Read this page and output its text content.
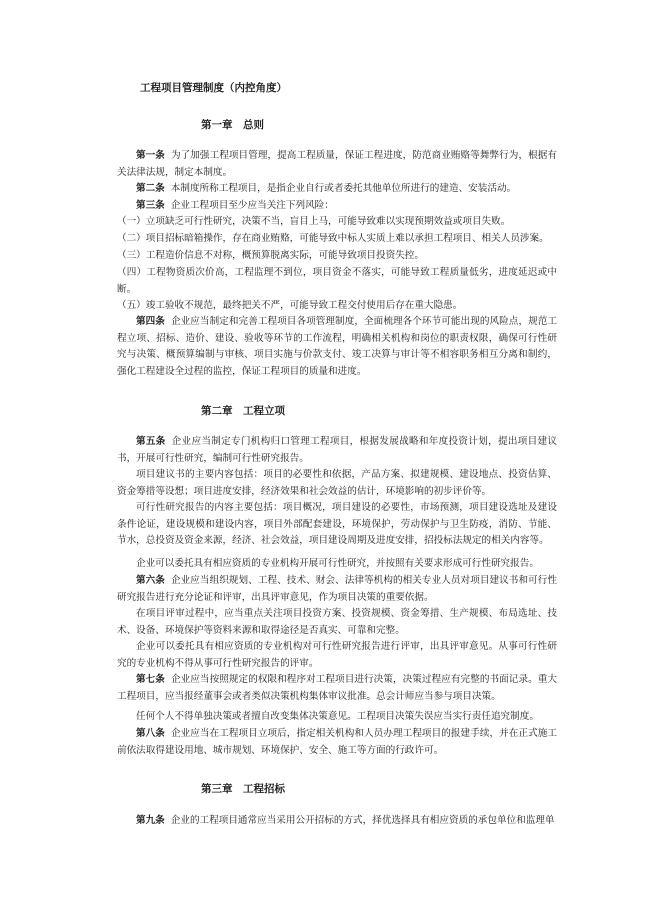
工程项目管理制度（内控角度）
第一章　总则
第一条 为了加强工程项目管理，提高工程质量，保证工程进度，防范商业贿赂等舞弊行为，根据有关法律法规，制定本制度。
第二条 本制度所称工程项目，是指企业自行或者委托其他单位所进行的建造、安装活动。
第三条 企业工程项目至少应当关注下列风险：
（一）立项缺乏可行性研究，决策不当，盲目上马，可能导致难以实现预期效益或项目失败。
（二）项目招标暗箱操作，存在商业贿赂，可能导致中标人实质上难以承担工程项目、相关人员涉案。
（三）工程造价信息不对称，概预算脱离实际，可能导致项目投资失控。
（四）工程物资质次价高，工程监理不到位，项目资金不落实，可能导致工程质量低劣，进度延迟或中断。
（五）竣工验收不规范，最终把关不严，可能导致工程交付使用后存在重大隐患。
第四条 企业应当制定和完善工程项目各项管理制度，全面梳理各个环节可能出现的风险点，规范工程立项、招标、造价、建设、验收等环节的工作流程，明确相关机构和岗位的职责权限，确保可行性研究与决策、概预算编制与审核、项目实施与价款支付、竣工决算与审计等不相容职务相互分离和制约，强化工程建设全过程的监控，保证工程项目的质量和进度。
第二章　工程立项
第五条 企业应当制定专门机构归口管理工程项目，根据发展战略和年度投资计划，提出项目建议书，开展可行性研究，编制可行性研究报告。
项目建议书的主要内容包括：项目的必要性和依据，产品方案、拟建规模、建设地点、投资估算、资金筹措等设想；项目进度安排，经济效果和社会效益的估计，环境影响的初步评价等。
可行性研究报告的内容主要包括：项目概况，项目建设的必要性，市场预测，项目建设选址及建设条件论证，建设规模和建设内容，项目外部配套建设，环境保护，劳动保护与卫生防疫，消防、节能、节水，总投资及资金来源，经济、社会效益，项目建设周期及进度安排，招投标法规定的相关内容等。
企业可以委托具有相应资质的专业机构开展可行性研究，并按照有关要求形成可行性研究报告。
第六条 企业应当组织规划、工程、技术、财会、法律等机构的相关专业人员对项目建议书和可行性研究报告进行充分论证和评审，出具评审意见，作为项目决策的重要依据。
在项目评审过程中，应当重点关注项目投资方案、投资规模、资金筹措、生产规模、布局选址、技术、设备、环境保护等资料来源和取得途径是否真实、可靠和完整。
企业可以委托具有相应资质的专业机构对可行性研究报告进行评审，出具评审意见。从事可行性研究的专业机构不得从事可行性研究报告的评审。
第七条 企业应当按照规定的权限和程序对工程项目进行决策，决策过程应有完整的书面记录。重大工程项目，应当报经董事会或者类似决策机构集体审议批准。总会计师应当参与项目决策。
任何个人不得单独决策或者擅自改变集体决策意见。工程项目决策失误应当实行责任追究制度。
第八条 企业应当在工程项目立项后，指定相关机构和人员办理工程项目的报建手续，并在正式施工前依法取得建设用地、城市规划、环境保护、安全、施工等方面的行政许可。
第三章　工程招标
第九条 企业的工程项目通常应当采用公开招标的方式，择优选择具有相应资质的承包单位和监理单
